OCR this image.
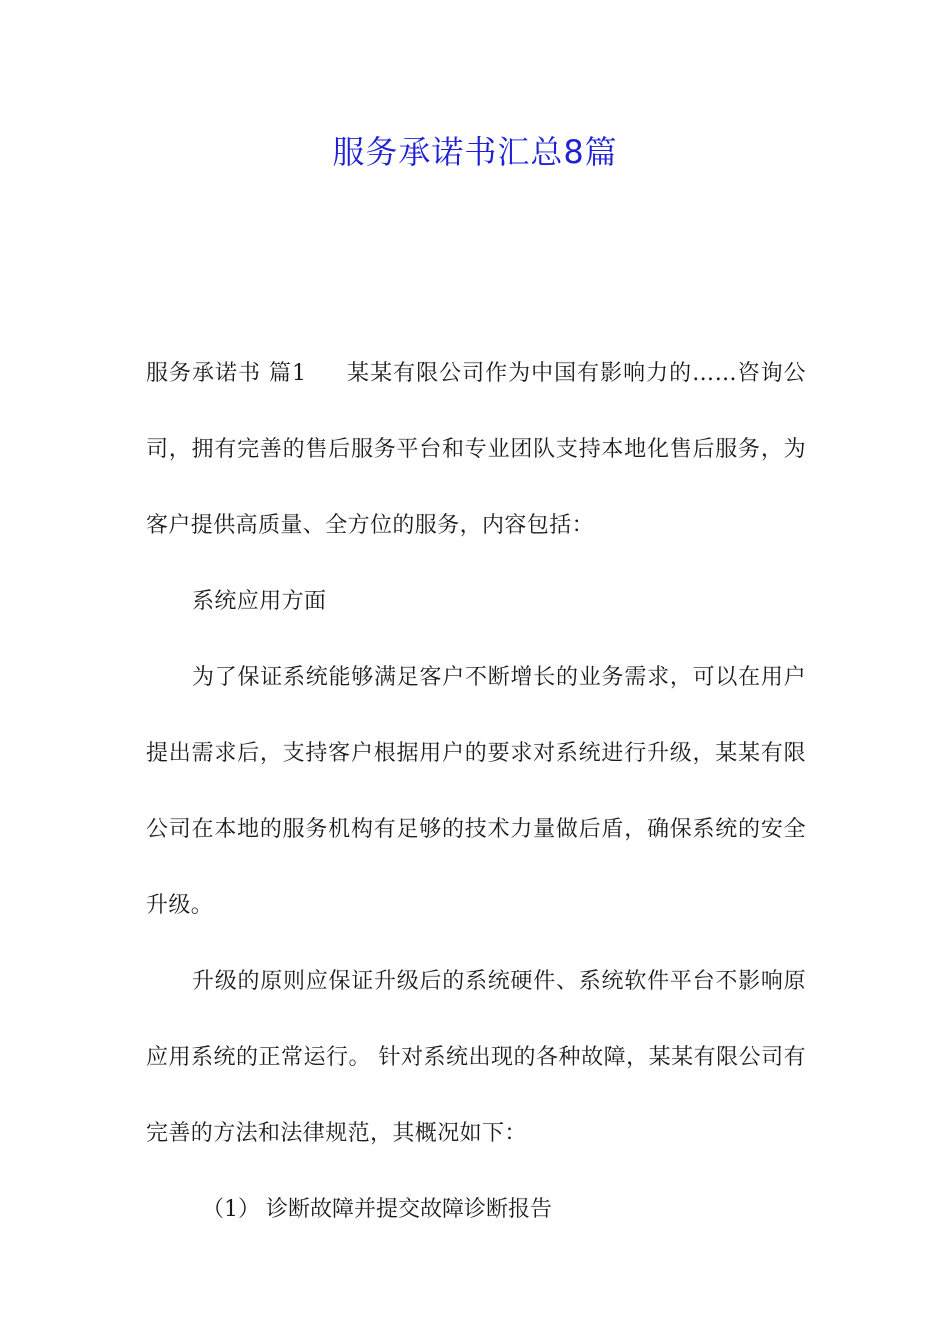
服务承诺书汇总8篇

服务承诺书 篇1 某某有限公司作为中国有影响力的……咨询公司，拥有完善的售后服务平台和专业团队支持本地化售后服务，为客户提供高质量、全方位的服务，内容包括：

系统应用方面

为了保证系统能够满足客户不断增长的业务需求，可以在用户提出需求后，支持客户根据用户的要求对系统进行升级，某某有限公司在本地的服务机构有足够的技术力量做后盾，确保系统的安全升级。

升级的原则应保证升级后的系统硬件、系统软件平台不影响原应用系统的正常运行。 针对系统出现的各种故障，某某有限公司有完善的方法和法律规范，其概况如下：

（1） 诊断故障并提交故障诊断报告
